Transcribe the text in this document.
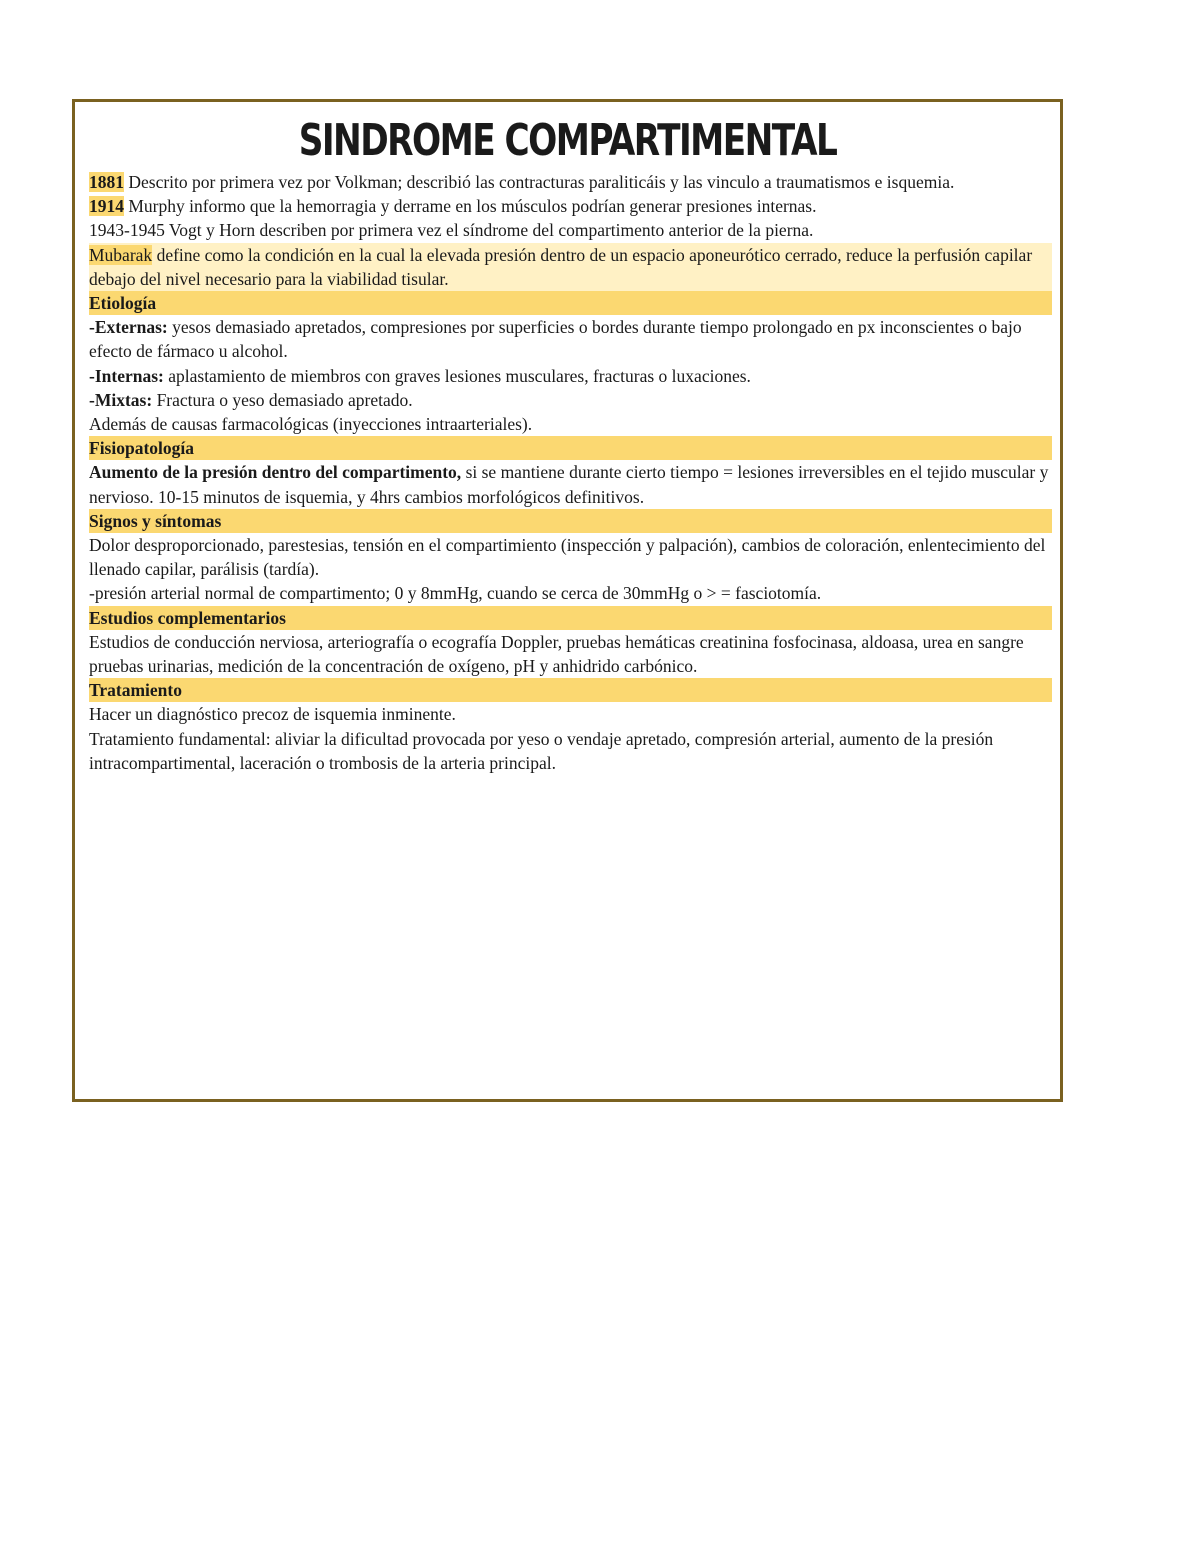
SINDROME COMPARTIMENTAL

1881 Descrito por primera vez por Volkman; describió las contracturas paraliticáis y las vinculo a traumatismos e isquemia.

1914 Murphy informo que la hemorragia y derrame en los músculos podrían generar presiones internas.

1943-1945 Vogt y Horn describen por primera vez el síndrome del compartimento anterior de la pierna.

Mubarak define como la condición en la cual la elevada presión dentro de un espacio aponeurótico cerrado, reduce la perfusión capilar debajo del nivel necesario para la viabilidad tisular.

Etiología

-Externas: yesos demasiado apretados, compresiones por superficies o bordes durante tiempo prolongado en px inconscientes o bajo efecto de fármaco u alcohol.

-Internas: aplastamiento de miembros con graves lesiones musculares, fracturas o luxaciones.

-Mixtas: Fractura o yeso demasiado apretado.

Además de causas farmacológicas (inyecciones intraarteriales).

Fisiopatología

Aumento de la presión dentro del compartimento, si se mantiene durante cierto tiempo = lesiones irreversibles en el tejido muscular y nervioso. 10-15 minutos de isquemia, y 4hrs cambios morfológicos definitivos.

Signos y síntomas

Dolor desproporcionado, parestesias, tensión en el compartimiento (inspección y palpación), cambios de coloración, enlentecimiento del llenado capilar, parálisis (tardía).

-presión arterial normal de compartimento; 0 y 8mmHg, cuando se cerca de 30mmHg o > = fasciotomía.

Estudios complementarios

Estudios de conducción nerviosa, arteriografía o ecografía Doppler, pruebas hemáticas creatinina fosfocinasa, aldoasa, urea en sangre pruebas urinarias, medición de la concentración de oxígeno, pH y anhidrido carbónico.

Tratamiento

Hacer un diagnóstico precoz de isquemia inminente.

Tratamiento fundamental: aliviar la dificultad provocada por yeso o vendaje apretado, compresión arterial, aumento de la presión intracompartimental, laceración o trombosis de la arteria principal.
